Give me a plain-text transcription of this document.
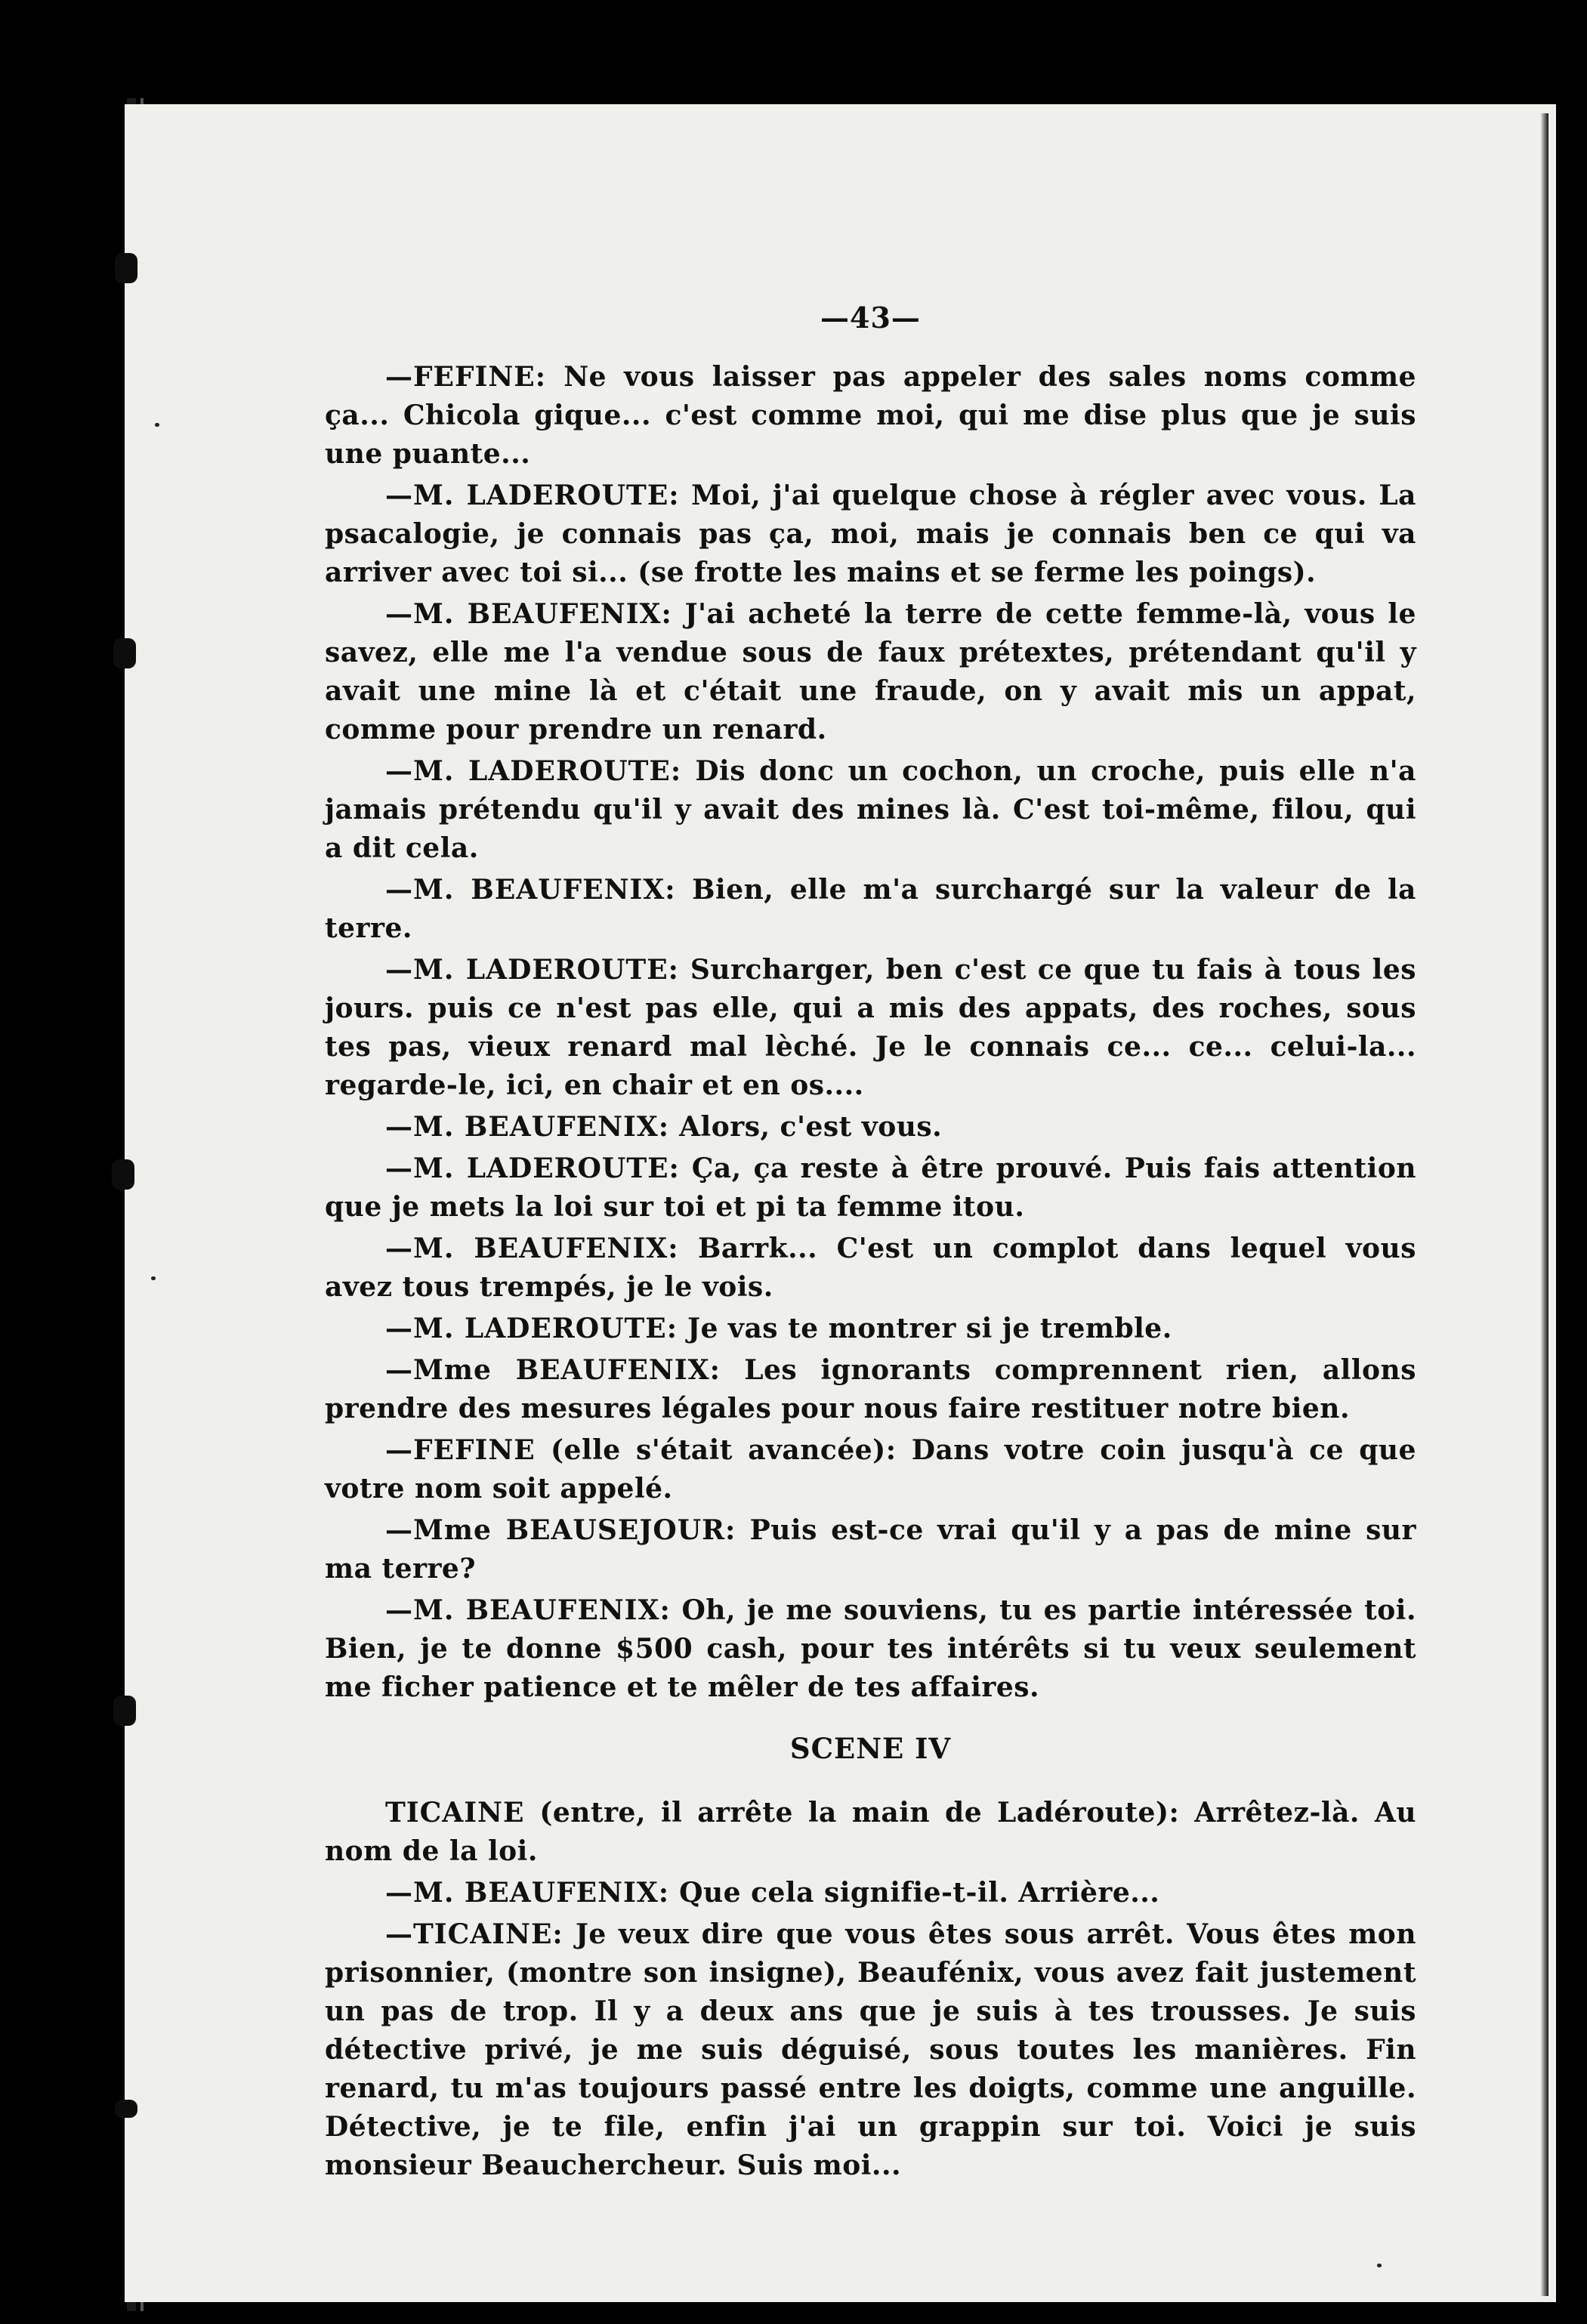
—43—

—FEFINE: Ne vous laisser pas appeler des sales noms comme ça... Chicola gique... c'est comme moi, qui me dise plus que je suis une puante...

—M. LADEROUTE: Moi, j'ai quelque chose à régler avec vous. La psacalogie, je connais pas ça, moi, mais je connais ben ce qui va arriver avec toi si... (se frotte les mains et se ferme les poings).

—M. BEAUFENIX: J'ai acheté la terre de cette femme-là, vous le savez, elle me l'a vendue sous de faux prétextes, prétendant qu'il y avait une mine là et c'était une fraude, on y avait mis un appat, comme pour prendre un renard.

—M. LADEROUTE: Dis donc un cochon, un croche, puis elle n'a jamais prétendu qu'il y avait des mines là. C'est toi-même, filou, qui a dit cela.

—M. BEAUFENIX: Bien, elle m'a surchargé sur la valeur de la terre.

—M. LADEROUTE: Surcharger, ben c'est ce que tu fais à tous les jours. puis ce n'est pas elle, qui a mis des appats, des roches, sous tes pas, vieux renard mal lèché. Je le connais ce... ce... celui-la... regarde-le, ici, en chair et en os....

—M. BEAUFENIX: Alors, c'est vous.

—M. LADEROUTE: Ça, ça reste à être prouvé. Puis fais attention que je mets la loi sur toi et pi ta femme itou.

—M. BEAUFENIX: Barrk... C'est un complot dans lequel vous avez tous trempés, je le vois.

—M. LADEROUTE: Je vas te montrer si je tremble.

—Mme BEAUFENIX: Les ignorants comprennent rien, allons prendre des mesures légales pour nous faire restituer notre bien.

—FEFINE (elle s'était avancée): Dans votre coin jusqu'à ce que votre nom soit appelé.

—Mme BEAUSEJOUR: Puis est-ce vrai qu'il y a pas de mine sur ma terre?

—M. BEAUFENIX: Oh, je me souviens, tu es partie intéressée toi. Bien, je te donne $500 cash, pour tes intérêts si tu veux seulement me ficher patience et te mêler de tes affaires.

SCENE IV

TICAINE (entre, il arrête la main de Ladéroute): Arrêtez-là. Au nom de la loi.

—M. BEAUFENIX: Que cela signifie-t-il. Arrière...

—TICAINE: Je veux dire que vous êtes sous arrêt. Vous êtes mon prisonnier, (montre son insigne), Beaufénix, vous avez fait justement un pas de trop. Il y a deux ans que je suis à tes trousses. Je suis détective privé, je me suis déguisé, sous toutes les manières. Fin renard, tu m'as toujours passé entre les doigts, comme une anguille. Détective, je te file, enfin j'ai un grappin sur toi. Voici je suis monsieur Beauchercheur. Suis moi...
